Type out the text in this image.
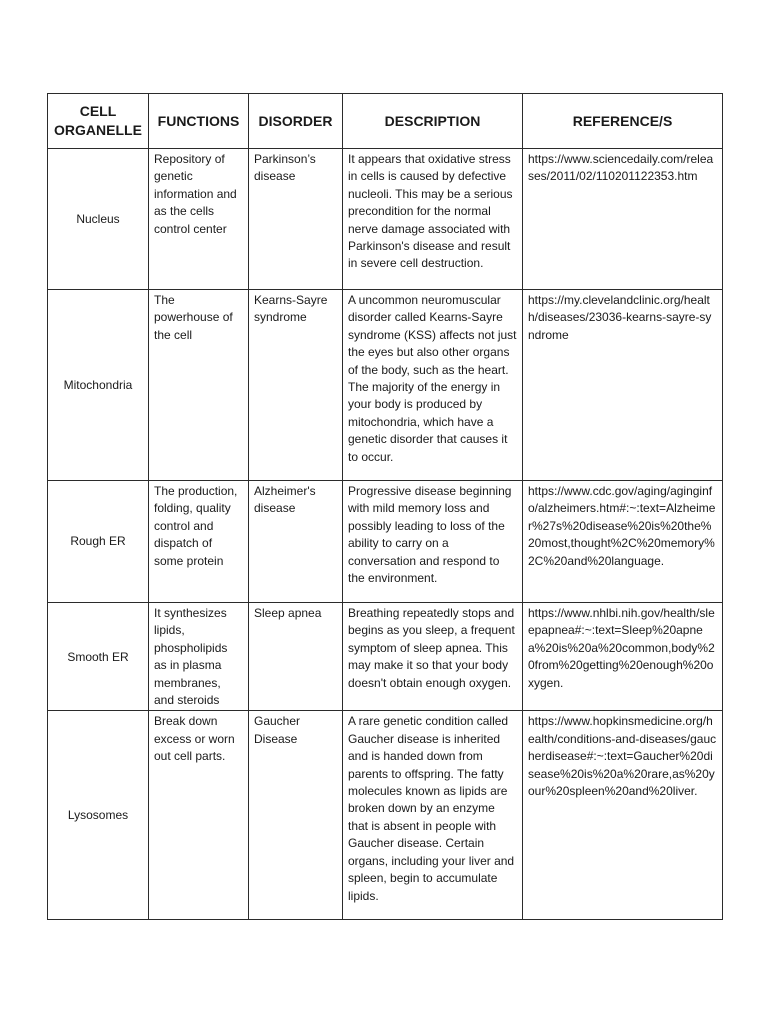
CELL
ORGANELLE	FUNCTIONS	DISORDER	DESCRIPTION	REFERENCE/S
Nucleus	Repository of genetic information and as the cells control center	Parkinson’s disease	It appears that oxidative stress in cells is caused by defective nucleoli. This may be a serious precondition for the normal nerve damage associated with Parkinson's disease and result in severe cell destruction.	https://www.sciencedaily.com/releases/2011/02/110201122353.htm
Mitochondria	The powerhouse of the cell	Kearns-Sayre syndrome	A uncommon neuromuscular disorder called Kearns-Sayre syndrome (KSS) affects not just the eyes but also other organs of the body, such as the heart. The majority of the energy in your body is produced by mitochondria, which have a genetic disorder that causes it to occur.	https://my.clevelandclinic.org/health/diseases/23036-kearns-sayre-syndrome
Rough ER	The production, folding, quality control and dispatch of some protein	Alzheimer's disease	Progressive disease beginning with mild memory loss and possibly leading to loss of the ability to carry on a conversation and respond to the environment.	https://www.cdc.gov/aging/aginginfo/alzheimers.htm#:~:text=Alzheimer%27s%20disease%20is%20the%20most,thought%2C%20memory%2C%20and%20language.
Smooth ER	It synthesizes lipids, phospholipids as in plasma membranes, and steroids	Sleep apnea	Breathing repeatedly stops and begins as you sleep, a frequent symptom of sleep apnea. This may make it so that your body doesn't obtain enough oxygen.	https://www.nhlbi.nih.gov/health/sleepapnea#:~:text=Sleep%20apnea%20is%20a%20common,body%20from%20getting%20enough%20oxygen.
Lysosomes	Break down excess or worn out cell parts.	Gaucher Disease	A rare genetic condition called Gaucher disease is inherited and is handed down from parents to offspring. The fatty molecules known as lipids are broken down by an enzyme that is absent in people with Gaucher disease. Certain organs, including your liver and spleen, begin to accumulate lipids.	https://www.hopkinsmedicine.org/health/conditions-and-diseases/gaucherdisease#:~:text=Gaucher%20disease%20is%20a%20rare,as%20your%20spleen%20and%20liver.
